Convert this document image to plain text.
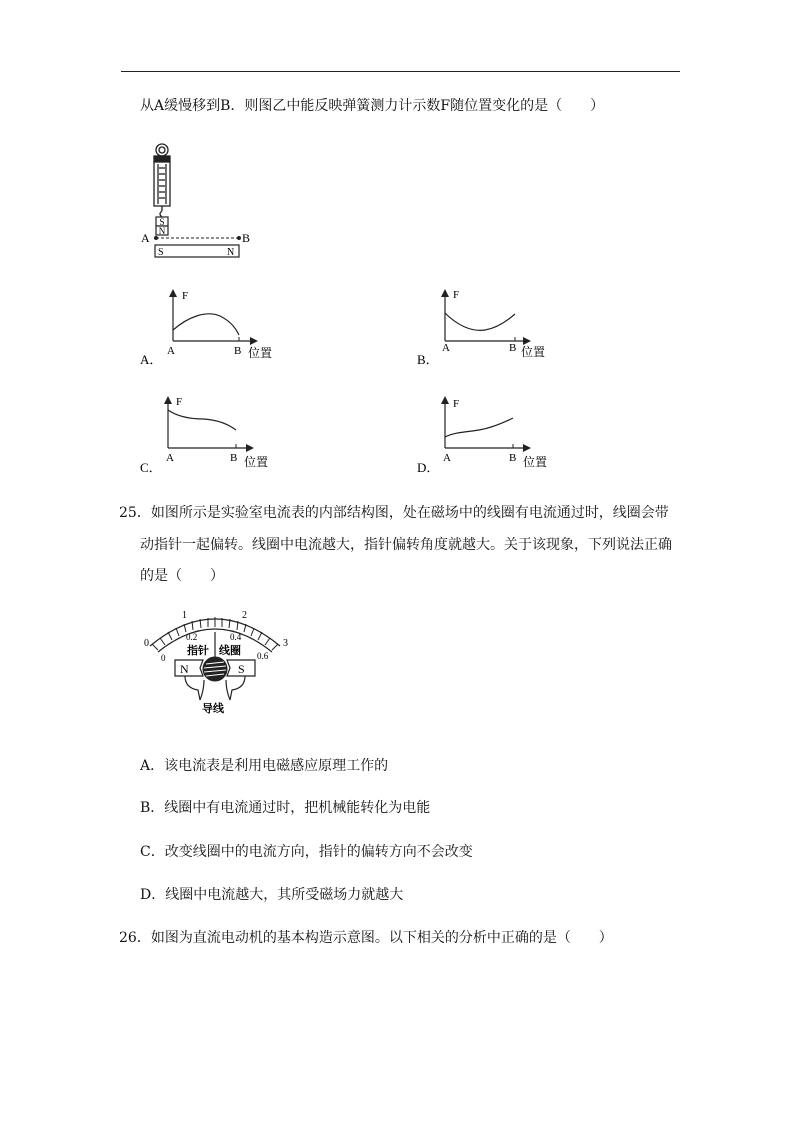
从A缓慢移到B．则图乙中能反映弹簧测力计示数F随位置变化的是（　　）
S
N
A	B
S	N
A．
F
A	B 位置	B．
F
A	B 位置
C．
F
A	B 位置	D．
F
A	B 位置
25．如图所示是实验室电流表的内部结构图，处在磁场中的线圈有电流通过时，线圈会带
动指针一起偏转。线圈中电流越大，指针偏转角度就越大。关于该现象，下列说法正确
的是（　　）
0
1	2
3
0
0.2	0.4
0.6
指针 线圈
N	S
导线
A．该电流表是利用电磁感应原理工作的
B．线圈中有电流通过时，把机械能转化为电能
C．改变线圈中的电流方向，指针的偏转方向不会改变
D．线圈中电流越大，其所受磁场力就越大
26．如图为直流电动机的基本构造示意图。以下相关的分析中正确的是（　　）
